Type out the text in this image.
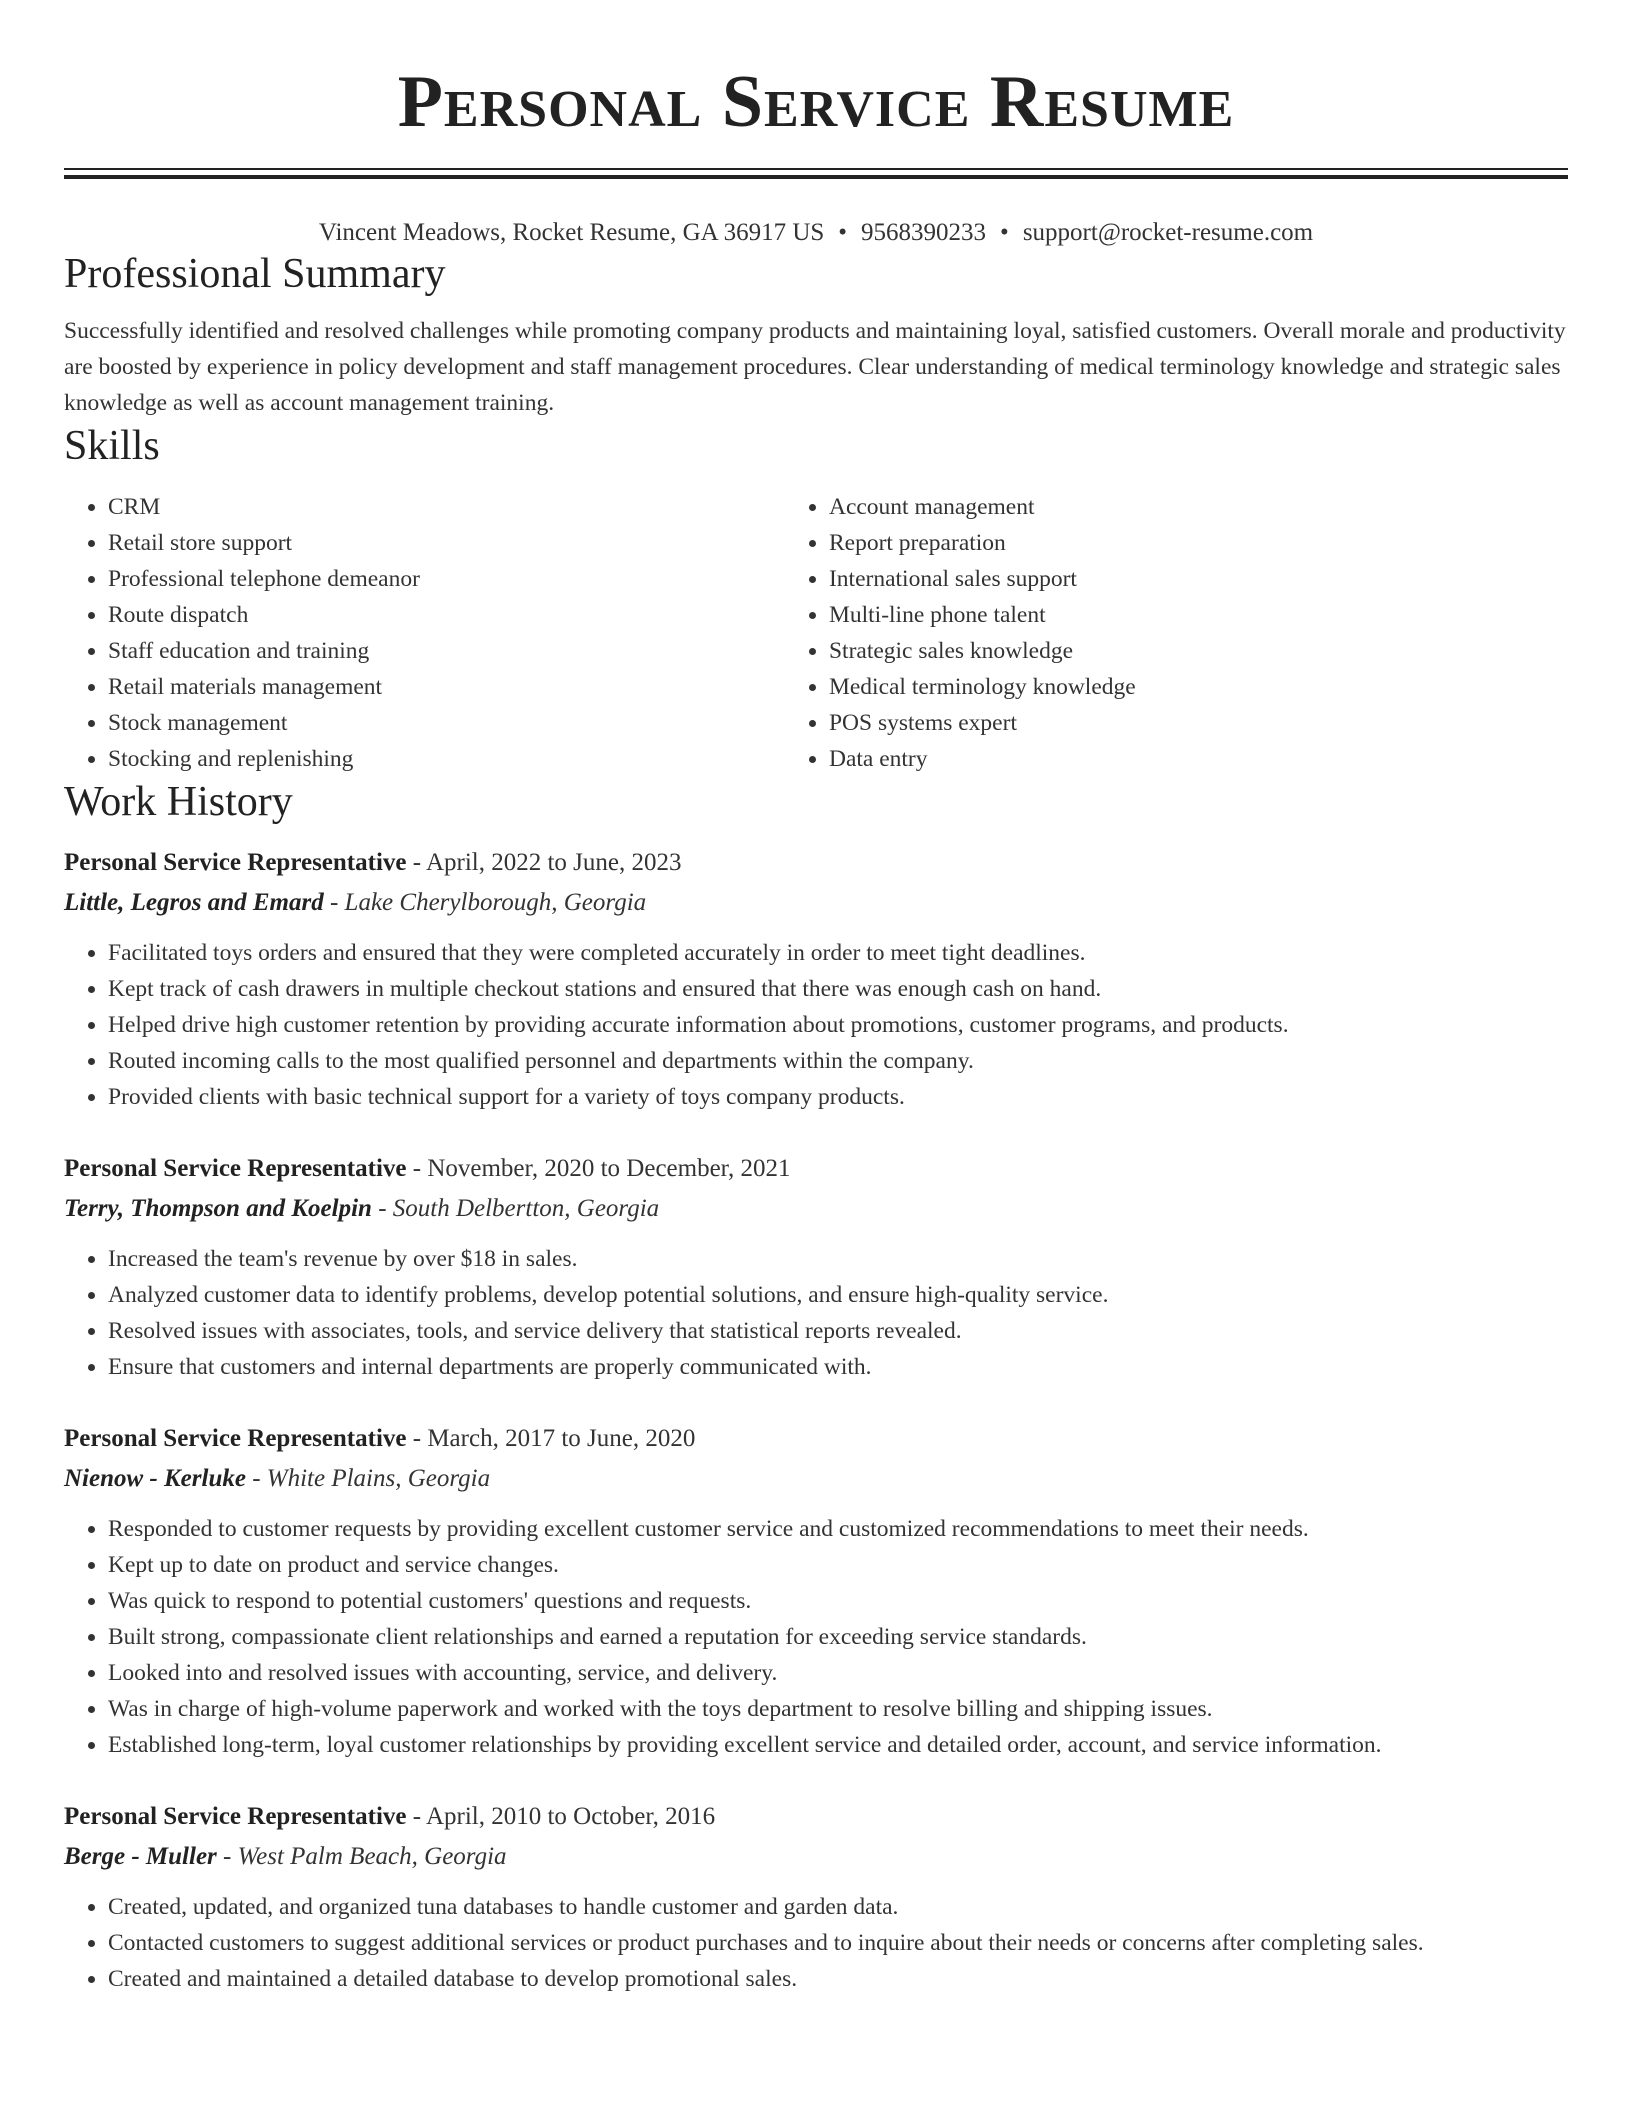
Personal Service Resume
Vincent Meadows, Rocket Resume, GA 36917 US • 9568390233 • support@rocket-resume.com
Professional Summary
Successfully identified and resolved challenges while promoting company products and maintaining loyal, satisfied customers. Overall morale and productivity are boosted by experience in policy development and staff management procedures. Clear understanding of medical terminology knowledge and strategic sales knowledge as well as account management training.
Skills
• CRM
• Retail store support
• Professional telephone demeanor
• Route dispatch
• Staff education and training
• Retail materials management
• Stock management
• Stocking and replenishing
• Account management
• Report preparation
• International sales support
• Multi-line phone talent
• Strategic sales knowledge
• Medical terminology knowledge
• POS systems expert
• Data entry
Work History
Personal Service Representative - April, 2022 to June, 2023
Little, Legros and Emard - Lake Cherylborough, Georgia
• Facilitated toys orders and ensured that they were completed accurately in order to meet tight deadlines.
• Kept track of cash drawers in multiple checkout stations and ensured that there was enough cash on hand.
• Helped drive high customer retention by providing accurate information about promotions, customer programs, and products.
• Routed incoming calls to the most qualified personnel and departments within the company.
• Provided clients with basic technical support for a variety of toys company products.
Personal Service Representative - November, 2020 to December, 2021
Terry, Thompson and Koelpin - South Delbertton, Georgia
• Increased the team's revenue by over $18 in sales.
• Analyzed customer data to identify problems, develop potential solutions, and ensure high-quality service.
• Resolved issues with associates, tools, and service delivery that statistical reports revealed.
• Ensure that customers and internal departments are properly communicated with.
Personal Service Representative - March, 2017 to June, 2020
Nienow - Kerluke - White Plains, Georgia
• Responded to customer requests by providing excellent customer service and customized recommendations to meet their needs.
• Kept up to date on product and service changes.
• Was quick to respond to potential customers' questions and requests.
• Built strong, compassionate client relationships and earned a reputation for exceeding service standards.
• Looked into and resolved issues with accounting, service, and delivery.
• Was in charge of high-volume paperwork and worked with the toys department to resolve billing and shipping issues.
• Established long-term, loyal customer relationships by providing excellent service and detailed order, account, and service information.
Personal Service Representative - April, 2010 to October, 2016
Berge - Muller - West Palm Beach, Georgia
• Created, updated, and organized tuna databases to handle customer and garden data.
• Contacted customers to suggest additional services or product purchases and to inquire about their needs or concerns after completing sales.
• Created and maintained a detailed database to develop promotional sales.
